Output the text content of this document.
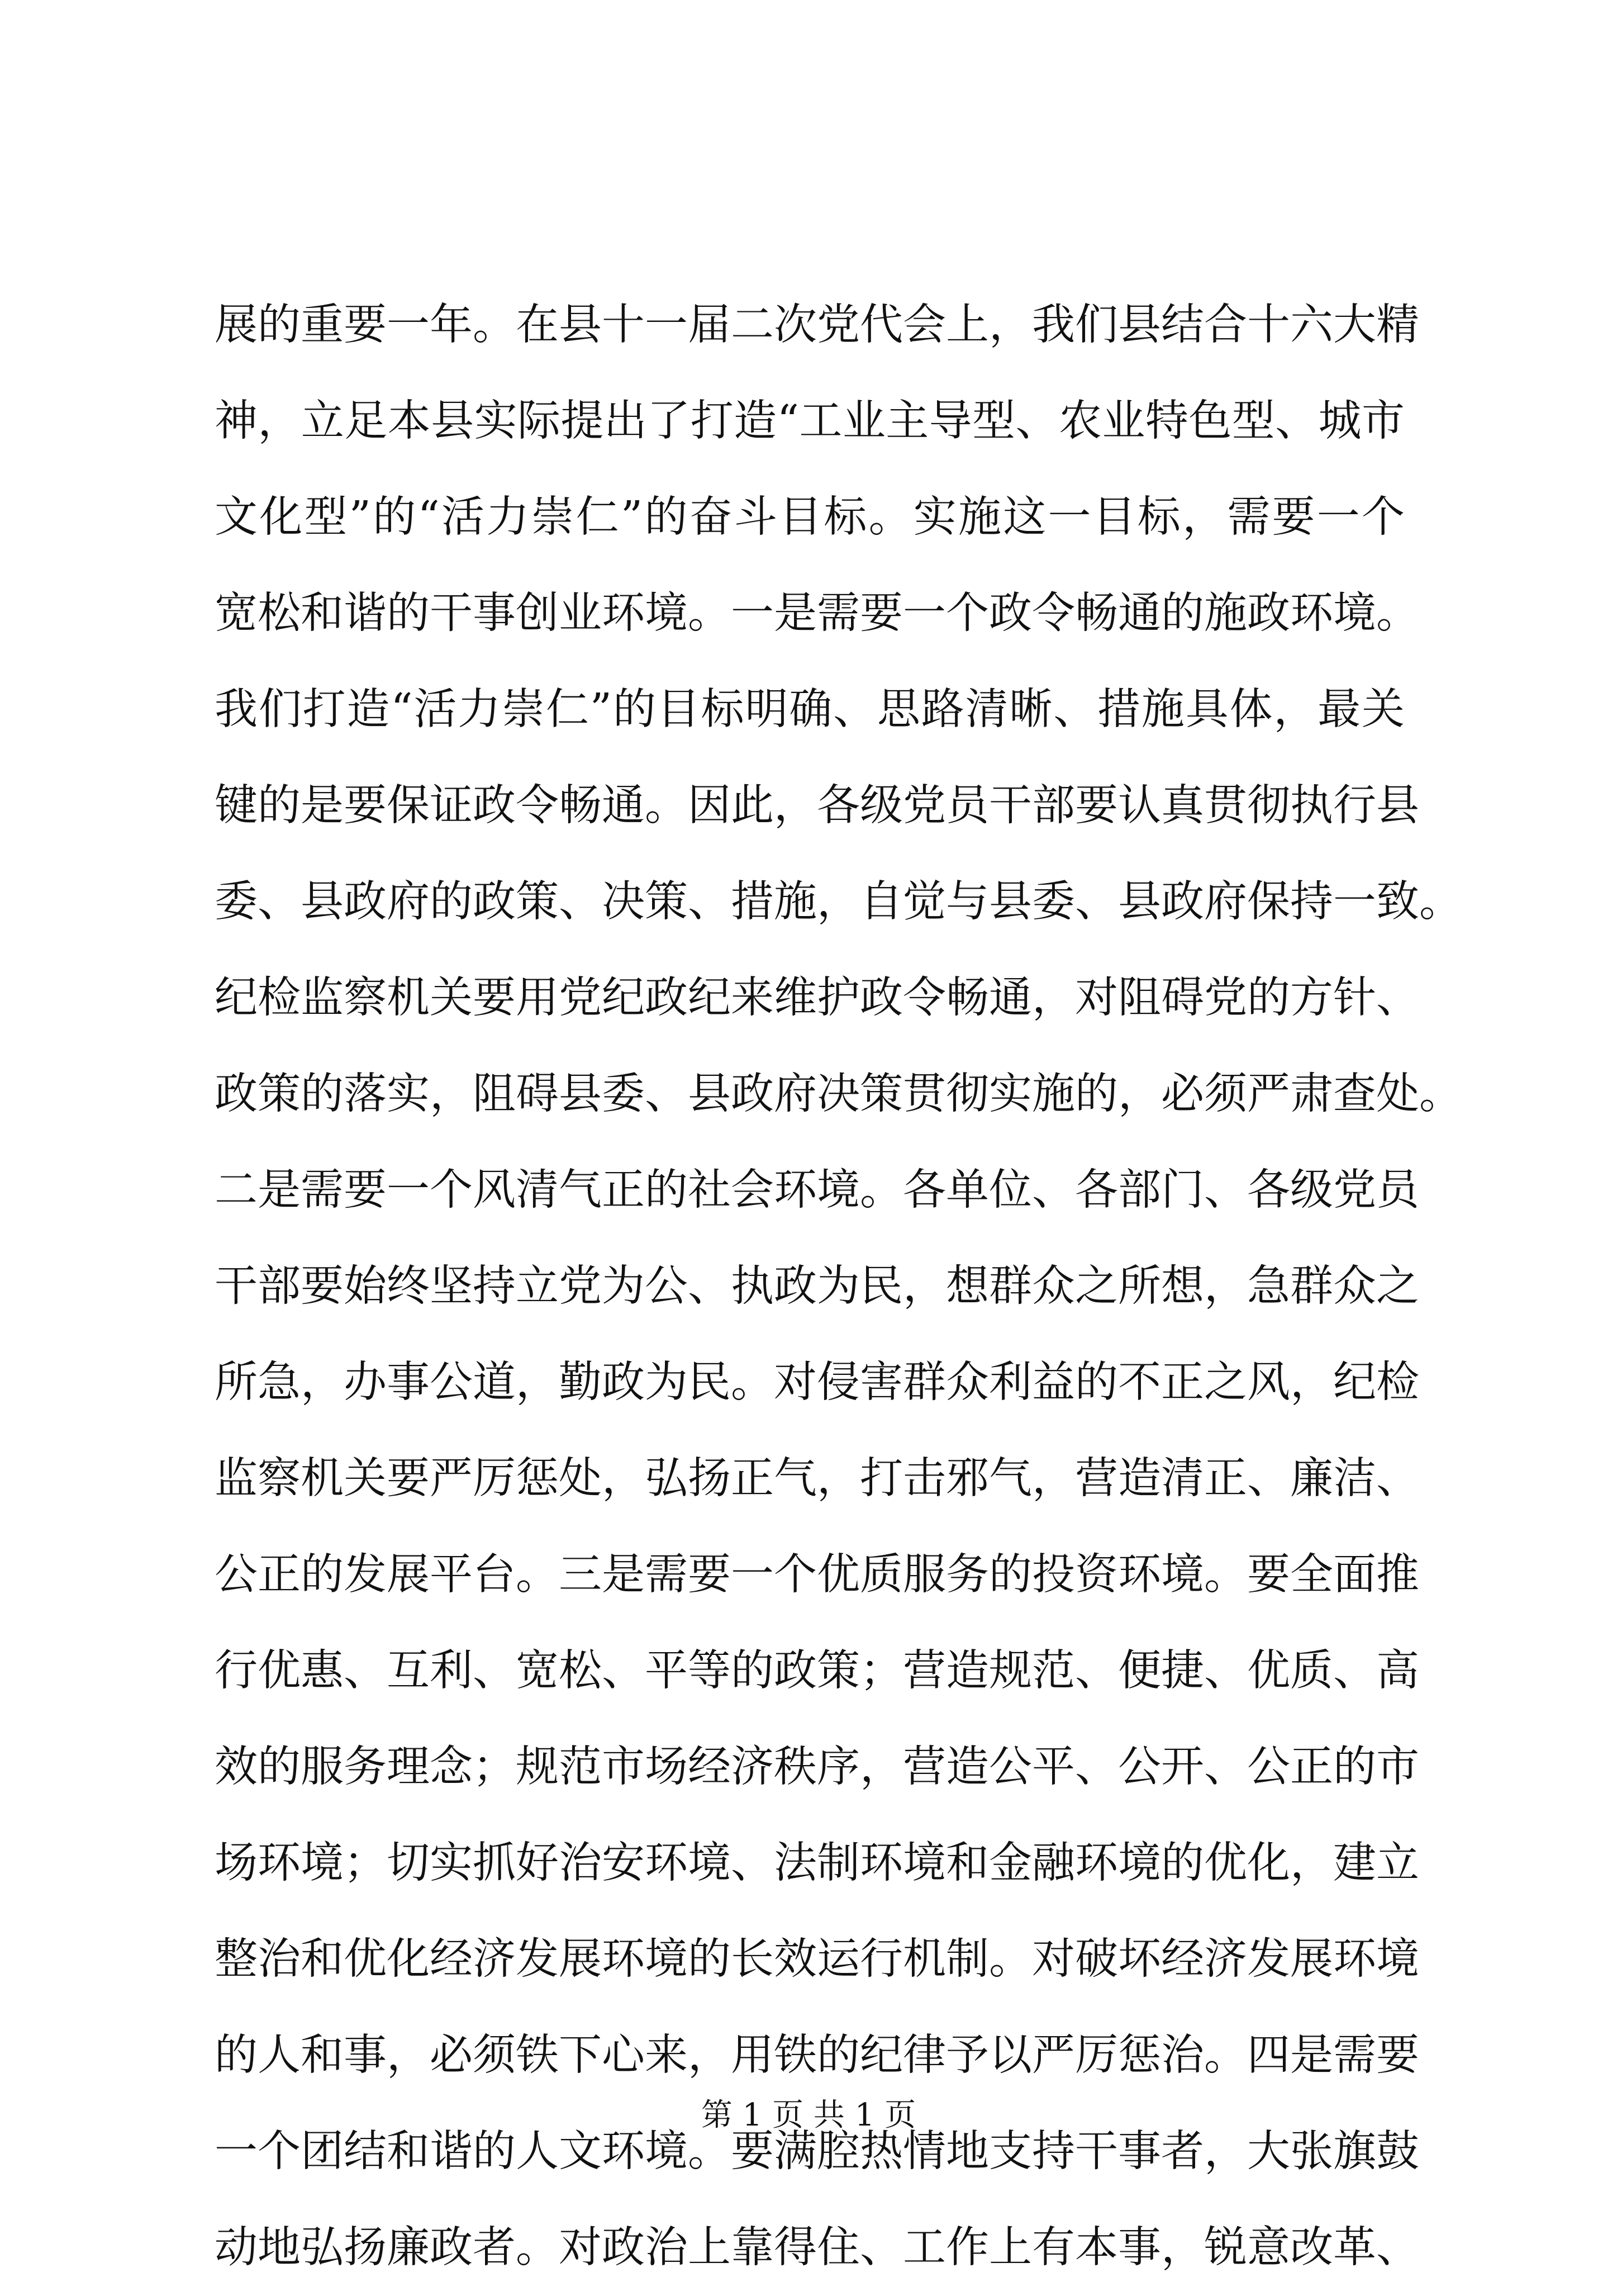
展的重要一年。在县十一届二次党代会上，我们县结合十六大精
神，立足本县实际提出了打造“工业主导型、农业特色型、城市
文化型”的“活力崇仁”的奋斗目标。实施这一目标，需要一个
宽松和谐的干事创业环境。一是需要一个政令畅通的施政环境。
我们打造“活力崇仁”的目标明确、思路清晰、措施具体，最关
键的是要保证政令畅通。因此，各级党员干部要认真贯彻执行县
委、县政府的政策、决策、措施，自觉与县委、县政府保持一致。
纪检监察机关要用党纪政纪来维护政令畅通，对阻碍党的方针、
政策的落实，阻碍县委、县政府决策贯彻实施的，必须严肃查处。
二是需要一个风清气正的社会环境。各单位、各部门、各级党员
干部要始终坚持立党为公、执政为民，想群众之所想，急群众之
所急，办事公道，勤政为民。对侵害群众利益的不正之风，纪检
监察机关要严厉惩处，弘扬正气，打击邪气，营造清正、廉洁、
公正的发展平台。三是需要一个优质服务的投资环境。要全面推
行优惠、互利、宽松、平等的政策；营造规范、便捷、优质、高
效的服务理念；规范市场经济秩序，营造公平、公开、公正的市
场环境；切实抓好治安环境、法制环境和金融环境的优化，建立
整治和优化经济发展环境的长效运行机制。对破坏经济发展环境
的人和事，必须铁下心来，用铁的纪律予以严厉惩治。四是需要
一个团结和谐的人文环境。要满腔热情地支持干事者，大张旗鼓
动地弘扬廉政者。对政治上靠得住、工作上有本事，锐意改革、
第 1 页 共 1 页
